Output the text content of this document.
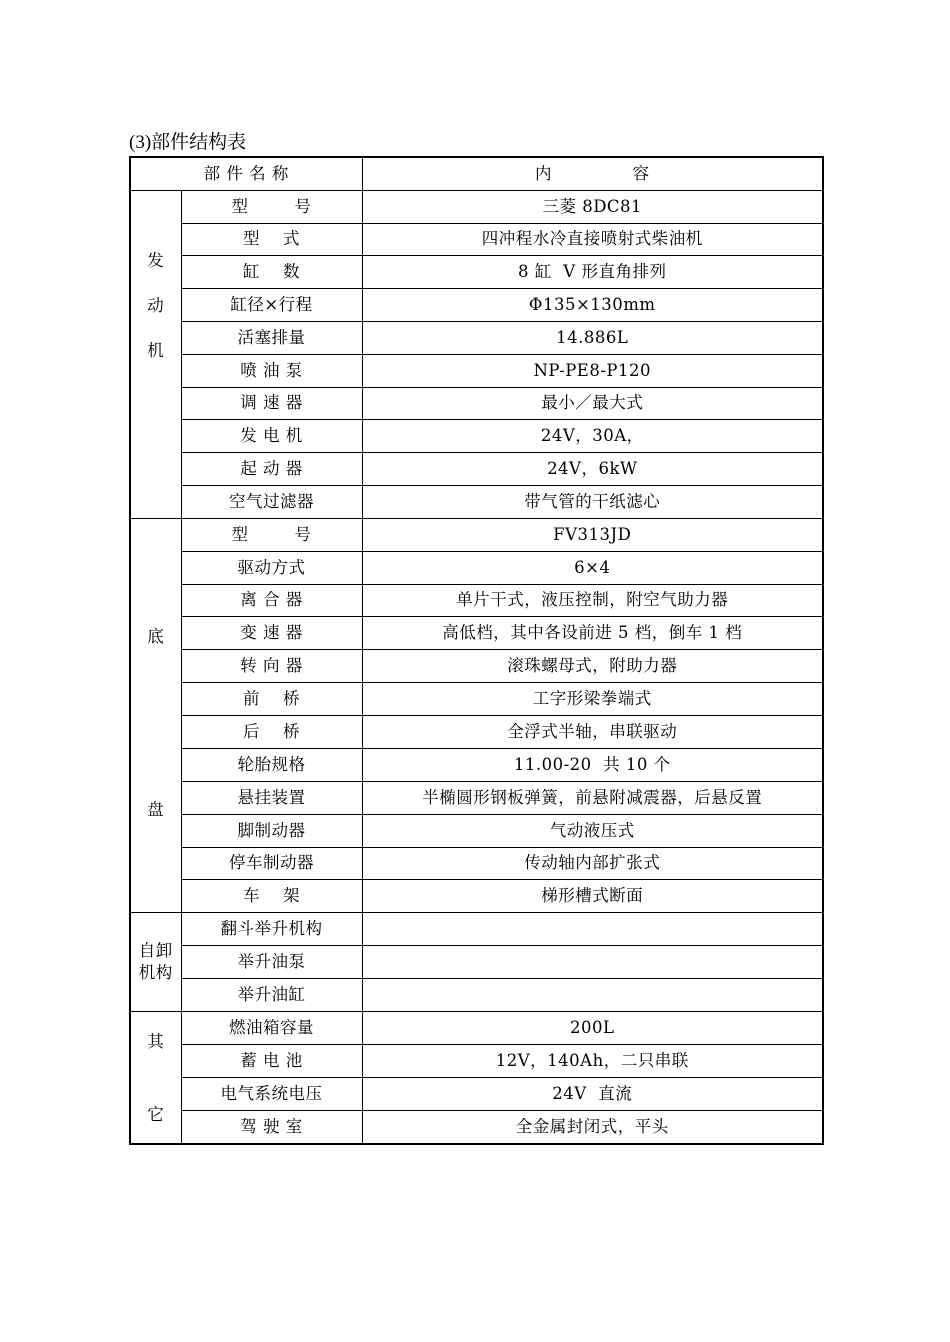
(3)部件结构表
部 件 名 称		内              容

发
动
机	型        号	三菱 8DC81
	型    式	四冲程水冷直接喷射式柴油机
	缸    数	8 缸  V 形直角排列
	缸径×行程	Φ135×130mm
	活塞排量	14.886L
	喷 油 泵	NP-PE8-P120
	调 速 器	最小／最大式
	发 电 机	24V，30A，
	起 动 器	24V，6kW
	空气过滤器	带气管的干纸滤心

底
盘	型        号	FV313JD
	驱动方式	6×4
	离 合 器	单片干式，液压控制，附空气助力器
	变 速 器	高低档，其中各设前进 5 档，倒车 1 档
	转 向 器	滚珠螺母式，附助力器
	前    桥	工字形梁拳端式
	后    桥	全浮式半轴，串联驱动
	轮胎规格	11.00-20  共 10 个
	悬挂装置	半椭圆形钢板弹簧，前悬附减震器，后悬反置
	脚制动器	气动液压式
	停车制动器	传动轴内部扩张式
	车    架	梯形槽式断面
自卸
机构	翻斗举升机构	
	举升油泵	
	举升油缸	

其
它	燃油箱容量	200L
	蓄 电 池	12V，140Ah，二只串联
	电气系统电压	24V  直流
	驾 驶 室	全金属封闭式，平头
